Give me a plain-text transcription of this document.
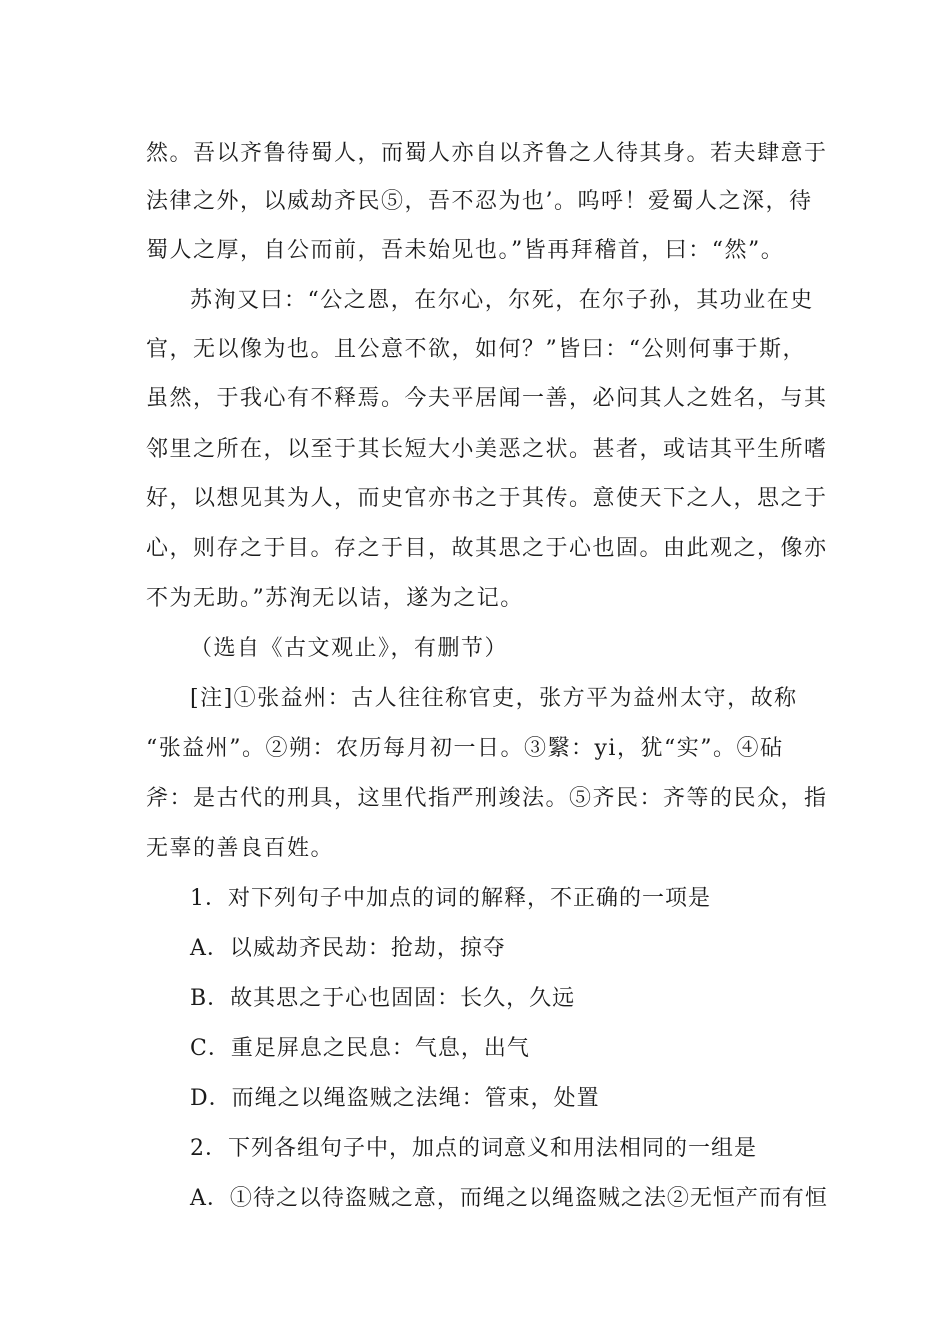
然。吾以齐鲁待蜀人，而蜀人亦自以齐鲁之人待其身。若夫肆意于
法律之外，以威劫齐民⑤，吾不忍为也’。呜呼！爱蜀人之深，待
蜀人之厚，自公而前，吾未始见也。”皆再拜稽首，曰：“然”。
苏洵又曰：“公之恩，在尔心，尔死，在尔子孙，其功业在史
官，无以像为也。且公意不欲，如何？”皆曰：“公则何事于斯，
虽然，于我心有不释焉。今夫平居闻一善，必问其人之姓名，与其
邻里之所在，以至于其长短大小美恶之状。甚者，或诘其平生所嗜
好，以想见其为人，而史官亦书之于其传。意使天下之人，思之于
心，则存之于目。存之于目，故其思之于心也固。由此观之，像亦
不为无助。”苏洵无以诘，遂为之记。
（选自《古文观止》，有删节）
[注]①张益州：古人往往称官吏，张方平为益州太守，故称
“张益州”。②朔：农历每月初一日。③繄：yi，犹“实”。④砧
斧：是古代的刑具，这里代指严刑竣法。⑤齐民：齐等的民众，指
无辜的善良百姓。
1．对下列句子中加点的词的解释，不正确的一项是
A．以威劫齐民劫：抢劫，掠夺
B．故其思之于心也固固：长久，久远
C．重足屏息之民息：气息，出气
D．而绳之以绳盗贼之法绳：管束，处置
2．下列各组句子中，加点的词意义和用法相同的一组是
A．①待之以待盗贼之意，而绳之以绳盗贼之法②无恒产而有恒
